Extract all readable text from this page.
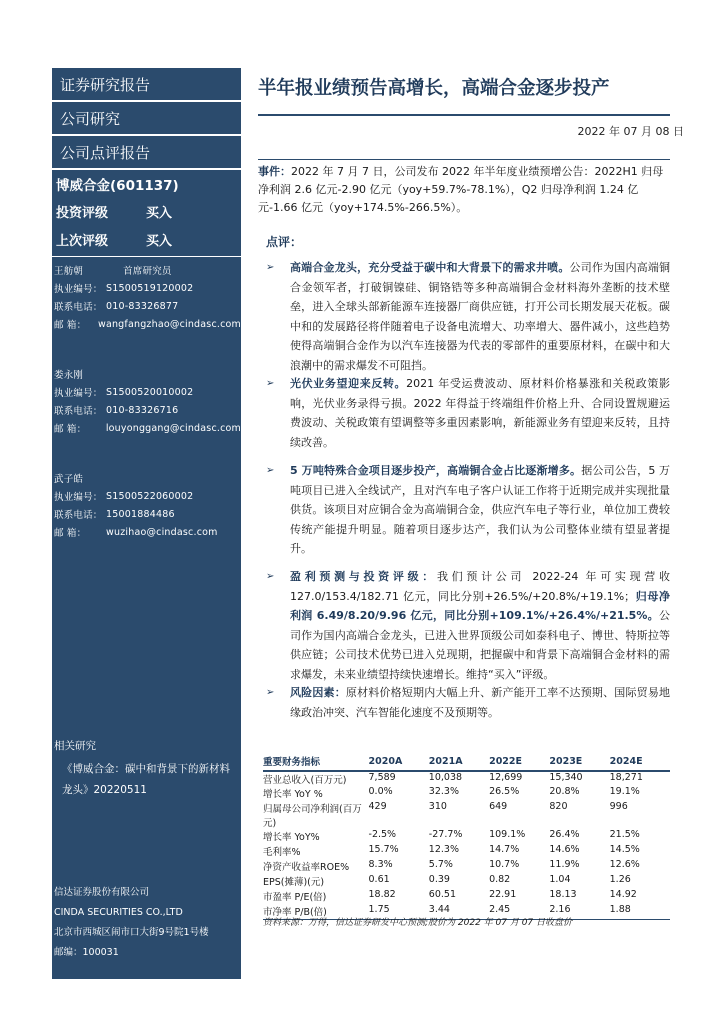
证券研究报告
公司研究
公司点评报告
博威合金(601137)
投资评级	买入
上次评级	买入
王舫朝	首席研究员
执业编号： S1500519120002
联系电话： 010-83326877
邮 箱：	wangfangzhao@cindasc.com
娄永刚
执业编号： S1500520010002
联系电话： 010-83326716
邮 箱：	louyonggang@cindasc.com
武子皓
执业编号： S1500522060002
联系电话： 15001884486
邮 箱：	wuzihao@cindasc.com
相关研究
《博威合金：碳中和背景下的新材料龙头》20220511
信达证券股份有限公司
CINDA SECURITIES CO.,LTD
北京市西城区闹市口大街9号院1号楼
邮编：100031
半年报业绩预告高增长，高端合金逐步投产
2022 年 07 月 08 日
事件：2022 年 7 月 7 日，公司发布 2022 年半年度业绩预增公告：2022H1 归母净利润 2.6 亿元-2.90 亿元（yoy+59.7%-78.1%），Q2 归母净利润 1.24 亿元-1.66 亿元（yoy+174.5%-266.5%）。
点评：
➢	高端合金龙头，充分受益于碳中和大背景下的需求井喷。公司作为国内高端铜合金领军者，打破铜镍硅、铜铬锆等多种高端铜合金材料海外垄断的技术壁垒，进入全球头部新能源车连接器厂商供应链，打开公司长期发展天花板。碳中和的发展路径将伴随着电子设备电流增大、功率增大、器件减小，这些趋势使得高端铜合金作为以汽车连接器为代表的零部件的重要原材料，在碳中和大浪潮中的需求爆发不可阻挡。
➢	光伏业务望迎来反转。2021 年受运费波动、原材料价格暴涨和关税政策影响，光伏业务录得亏损。2022 年得益于终端组件价格上升、合同设置规避运费波动、关税政策有望调整等多重因素影响，新能源业务有望迎来反转，且持续改善。
➢	5 万吨特殊合金项目逐步投产，高端铜合金占比逐渐增多。据公司公告，5 万吨项目已进入全线试产，且对汽车电子客户认证工作将于近期完成并实现批量供货。该项目对应铜合金为高端铜合金，供应汽车电子等行业，单位加工费较传统产能提升明显。随着项目逐步达产，我们认为公司整体业绩有望显著提升。
➢	盈利预测与投资评级：我们预计公司 2022-24 年可实现营收 127.0/153.4/182.71 亿元，同比分别+26.5%/+20.8%/+19.1%；归母净利润 6.49/8.20/9.96 亿元，同比分别+109.1%/+26.4%/+21.5%。公司作为国内高端合金龙头，已进入世界顶级公司如泰科电子、博世、特斯拉等供应链；公司技术优势已进入兑现期，把握碳中和背景下高端铜合金材料的需求爆发，未来业绩望持续快速增长。维持“买入”评级。
➢	风险因素：原材料价格短期内大幅上升、新产能开工率不达预期、国际贸易地缘政治冲突、汽车智能化速度不及预期等。
重要财务指标	2020A	2021A	2022E	2023E	2024E
营业总收入(百万元)	7,589	10,038	12,699	15,340	18,271
增长率 YoY %	0.0%	32.3%	26.5%	20.8%	19.1%
归属母公司净利润(百万元)	429	310	649	820	996
增长率 YoY%	-2.5%	-27.7%	109.1%	26.4%	21.5%
毛利率%	15.7%	12.3%	14.7%	14.6%	14.5%
净资产收益率ROE%	8.3%	5.7%	10.7%	11.9%	12.6%
EPS(摊薄)(元)	0.61	0.39	0.82	1.04	1.26
市盈率 P/E(倍)	18.82	60.51	22.91	18.13	14.92
市净率 P/B(倍)	1.75	3.44	2.45	2.16	1.88
资料来源：万得，信达证券研发中心预测;股价为 2022 年 07 月 07 日收盘价
